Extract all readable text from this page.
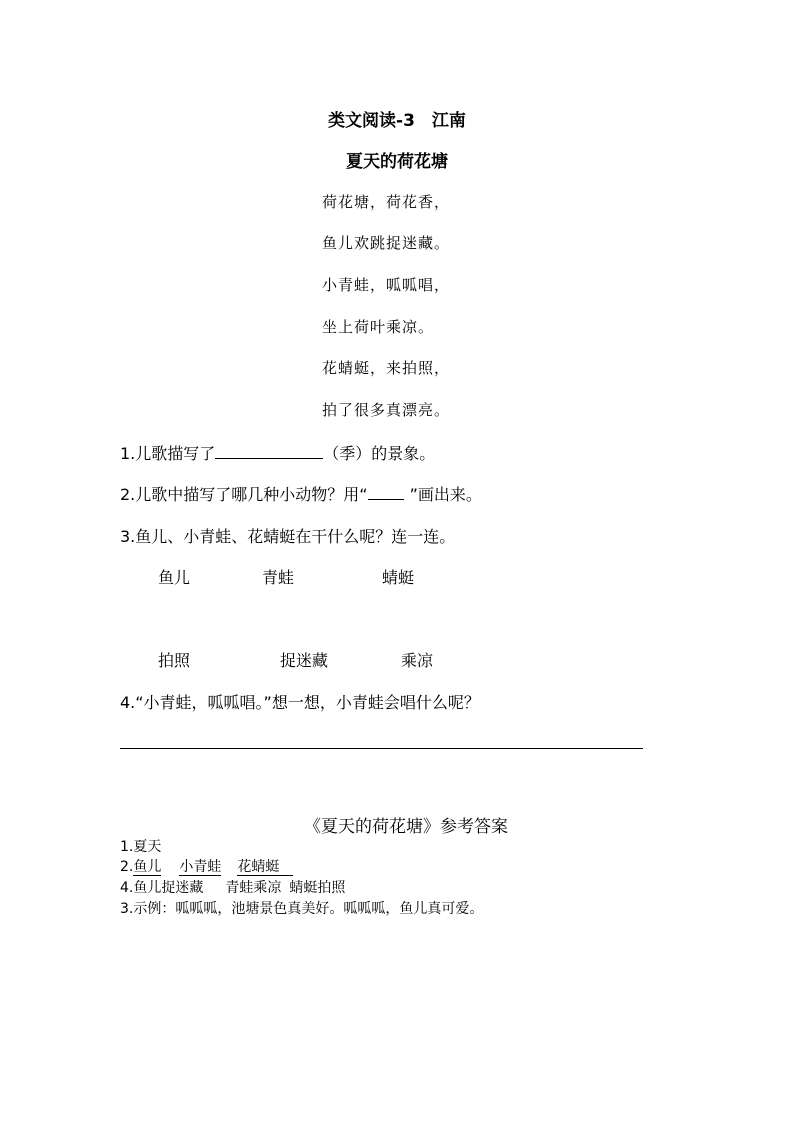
类文阅读-3　江南
夏天的荷花塘
荷花塘，荷花香，
鱼儿欢跳捉迷藏。
小青蛙，呱呱唱，
坐上荷叶乘凉。
花蜻蜓，来拍照，
拍了很多真漂亮。
1.儿歌描写了	（季）的景象。
2.儿歌中描写了哪几种小动物？用“	”画出来。
3.鱼儿、小青蛙、花蜻蜓在干什么呢？连一连。
鱼儿	青蛙	蜻蜓
拍照	捉迷藏	乘凉
4.“小青蛙，呱呱唱。”想一想，小青蛙会唱什么呢？
《夏天的荷花塘》参考答案
1.夏天
2.鱼儿 小青蛙 花蜻蜓
4.鱼儿捉迷藏 青蛙乘凉 蜻蜓拍照
3.示例：呱呱呱，池塘景色真美好。呱呱呱，鱼儿真可爱。
